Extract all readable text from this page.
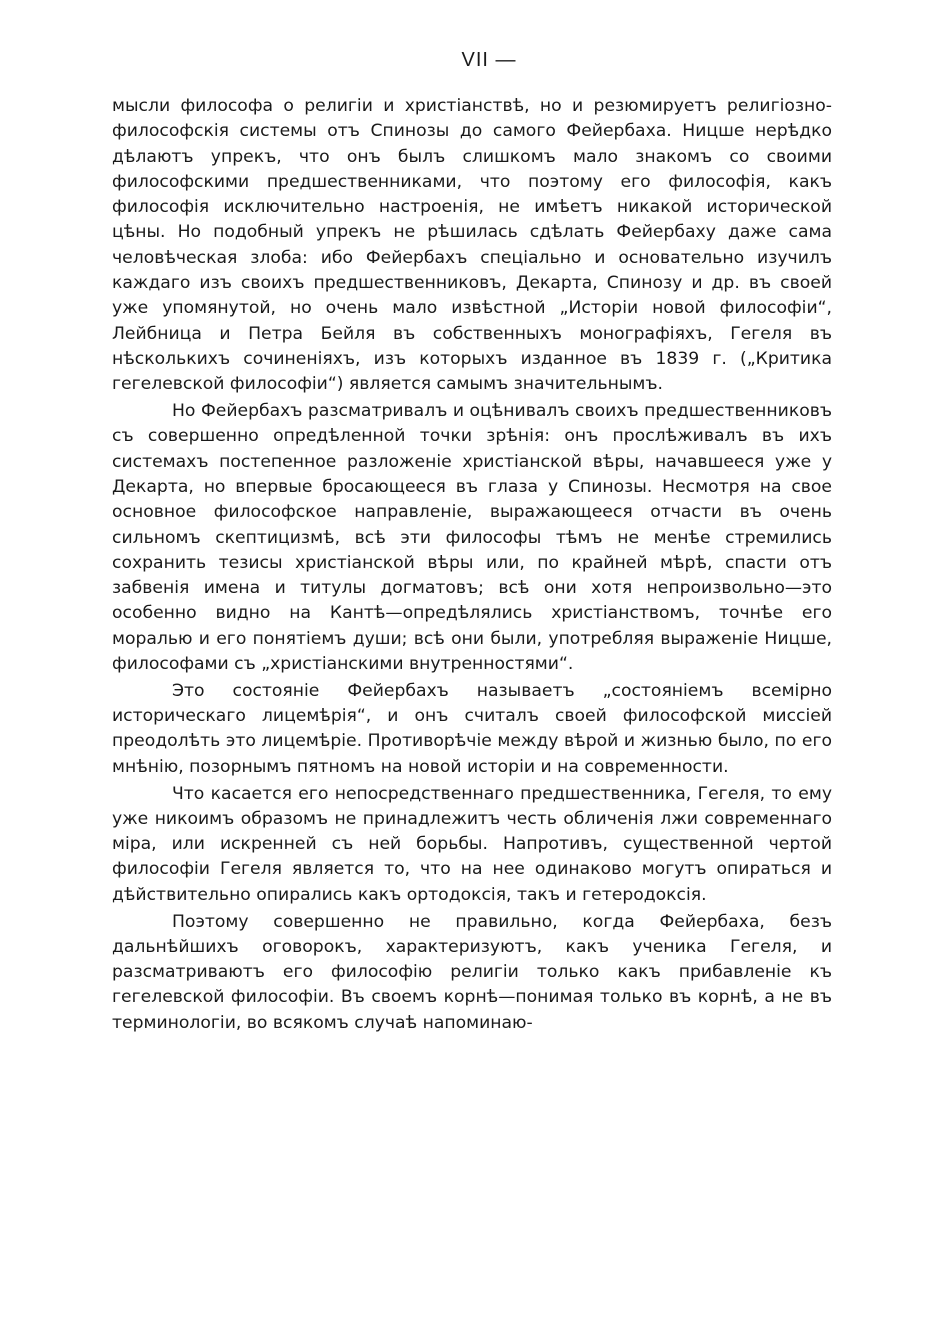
VII —

мысли философа о религіи и христіанствѣ, но и резюмируетъ религіозно-философскія системы отъ Спинозы до самого Фейербаха. Ницше нерѣдко дѣлаютъ упрекъ, что онъ былъ слишкомъ мало знакомъ со своими философскими предшественниками, что поэтому его философія, какъ философія исключительно настроенія, не имѣетъ никакой исторической цѣны. Но подобный упрекъ не рѣшилась сдѣлать Фейербаху даже сама человѣческая злоба: ибо Фейербахъ спеціально и основательно изучилъ каждаго изъ своихъ предшественниковъ, Декарта, Спинозу и др. въ своей уже упомянутой, но очень мало извѣстной „Исторіи новой философіи“, Лейбница и Петра Бейля въ собственныхъ монографіяхъ, Гегеля въ нѣсколькихъ сочиненіяхъ, изъ которыхъ изданное въ 1839 г. („Критика гегелевской философіи“) является самымъ значительнымъ.

Но Фейербахъ разсматривалъ и оцѣнивалъ своихъ предшественниковъ съ совершенно опредѣленной точки зрѣнія: онъ прослѣживалъ въ ихъ системахъ постепенное разложеніе христіанской вѣры, начавшееся уже у Декарта, но впервые бросающееся въ глаза у Спинозы. Несмотря на свое основное философское направленіе, выражающееся отчасти въ очень сильномъ скептицизмѣ, всѣ эти философы тѣмъ не менѣе стремились сохранить тезисы христіанской вѣры или, по крайней мѣрѣ, спасти отъ забвенія имена и титулы догматовъ; всѣ они хотя непроизвольно—это особенно видно на Кантѣ—опредѣлялись христіанствомъ, точнѣе его моралью и его понятіемъ души; всѣ они были, употребляя выраженіе Ницше, философами съ „христіанскими внутренностями“.

Это состояніе Фейербахъ называетъ „состояніемъ всемірно историческаго лицемѣрія“, и онъ считалъ своей философской миссіей преодолѣть это лицемѣріе. Противорѣчіе между вѣрой и жизнью было, по его мнѣнію, позорнымъ пятномъ на новой исторіи и на современности.

Что касается его непосредственнаго предшественника, Гегеля, то ему уже никоимъ образомъ не принадлежитъ честь обличенія лжи современнаго міра, или искренней съ ней борьбы. Напротивъ, существенной чертой философіи Гегеля является то, что на нее одинаково могутъ опираться и дѣйствительно опирались какъ ортодоксія, такъ и гетеродоксія.

Поэтому совершенно не правильно, когда Фейербаха, безъ дальнѣйшихъ оговорокъ, характеризуютъ, какъ ученика Гегеля, и разсматриваютъ его философію религіи только какъ прибавленіе къ гегелевской философіи. Въ своемъ корнѣ—понимая только въ корнѣ, а не въ терминологіи, во всякомъ случаѣ напоминаю-
